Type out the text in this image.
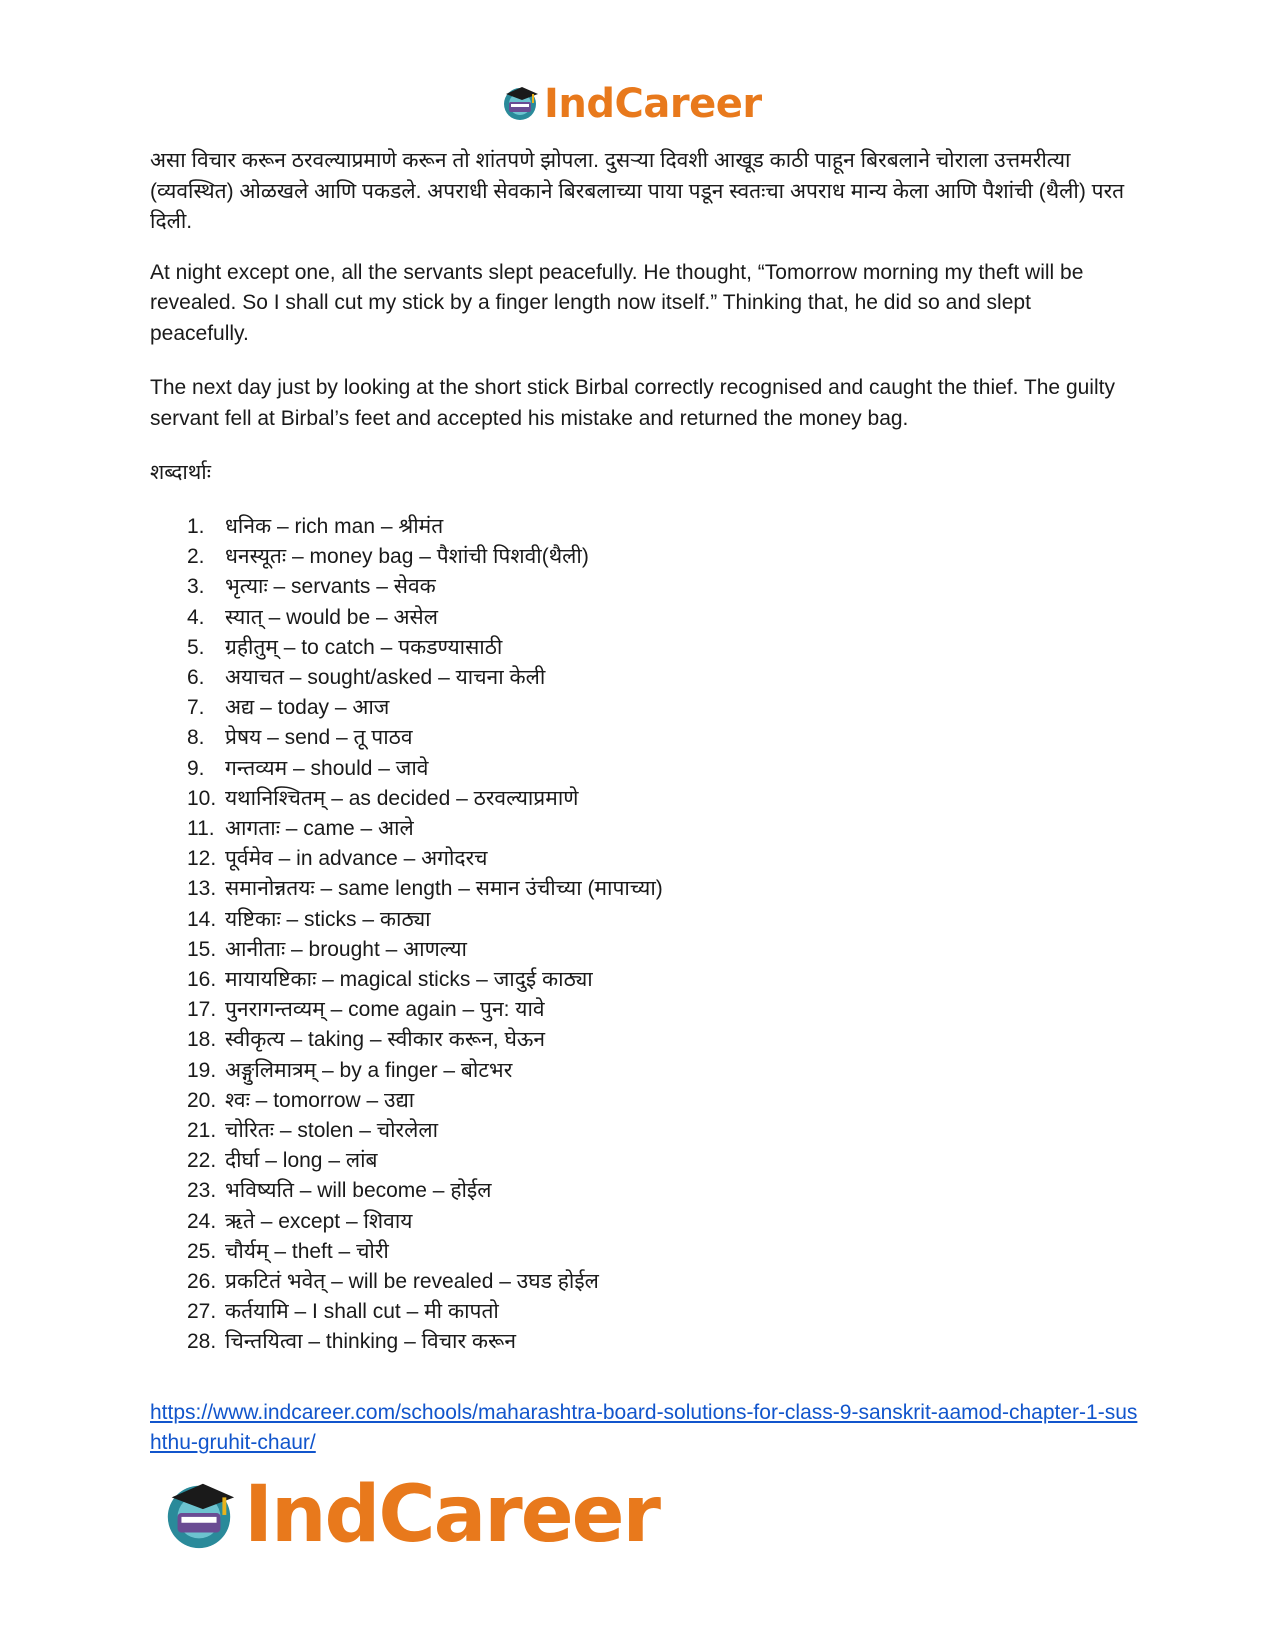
IndCareer

असा विचार करून ठरवल्याप्रमाणे करून तो शांतपणे झोपला. दुसऱ्या दिवशी आखूड काठी पाहून बिरबलाने चोराला उत्तमरीत्या (व्यवस्थित) ओळखले आणि पकडले. अपराधी सेवकाने बिरबलाच्या पाया पडून स्वतःचा अपराध मान्य केला आणि पैशांची (थैली) परत दिली.

At night except one, all the servants slept peacefully. He thought, “Tomorrow morning my theft will be revealed. So I shall cut my stick by a finger length now itself.” Thinking that, he did so and slept peacefully.

The next day just by looking at the short stick Birbal correctly recognised and caught the thief. The guilty servant fell at Birbal’s feet and accepted his mistake and returned the money bag.

शब्दार्थाः

1. धनिक – rich man – श्रीमंत
2. धनस्यूतः – money bag – पैशांची पिशवी(थैली)
3. भृत्याः – servants – सेवक
4. स्यात् – would be – असेल
5. ग्रहीतुम् – to catch – पकडण्यासाठी
6. अयाचत – sought/asked – याचना केली
7. अद्य – today – आज
8. प्रेषय – send – तू पाठव
9. गन्तव्यम – should – जावे
10. यथानिश्चितम् – as decided – ठरवल्याप्रमाणे
11. आगताः – came – आले
12. पूर्वमेव – in advance – अगोदरच
13. समानोन्नतयः – same length – समान उंचीच्या (मापाच्या)
14. यष्टिकाः – sticks – काठ्या
15. आनीताः – brought – आणल्या
16. मायायष्टिकाः – magical sticks – जादुई काठ्या
17. पुनरागन्तव्यम् – come again – पुन: यावे
18. स्वीकृत्य – taking – स्वीकार करून, घेऊन
19. अङ्गुलिमात्रम् – by a finger – बोटभर
20. श्वः – tomorrow – उद्या
21. चोरितः – stolen – चोरलेला
22. दीर्घा – long – लांब
23. भविष्यति – will become – होईल
24. ऋते – except – शिवाय
25. चौर्यम् – theft – चोरी
26. प्रकटितं भवेत् – will be revealed – उघड होईल
27. कर्तयामि – I shall cut – मी कापतो
28. चिन्तयित्वा – thinking – विचार करून
https://www.indcareer.com/schools/maharashtra-board-solutions-for-class-9-sanskrit-aamod-chapter-1-sushthu-gruhit-chaur/
IndCareer
